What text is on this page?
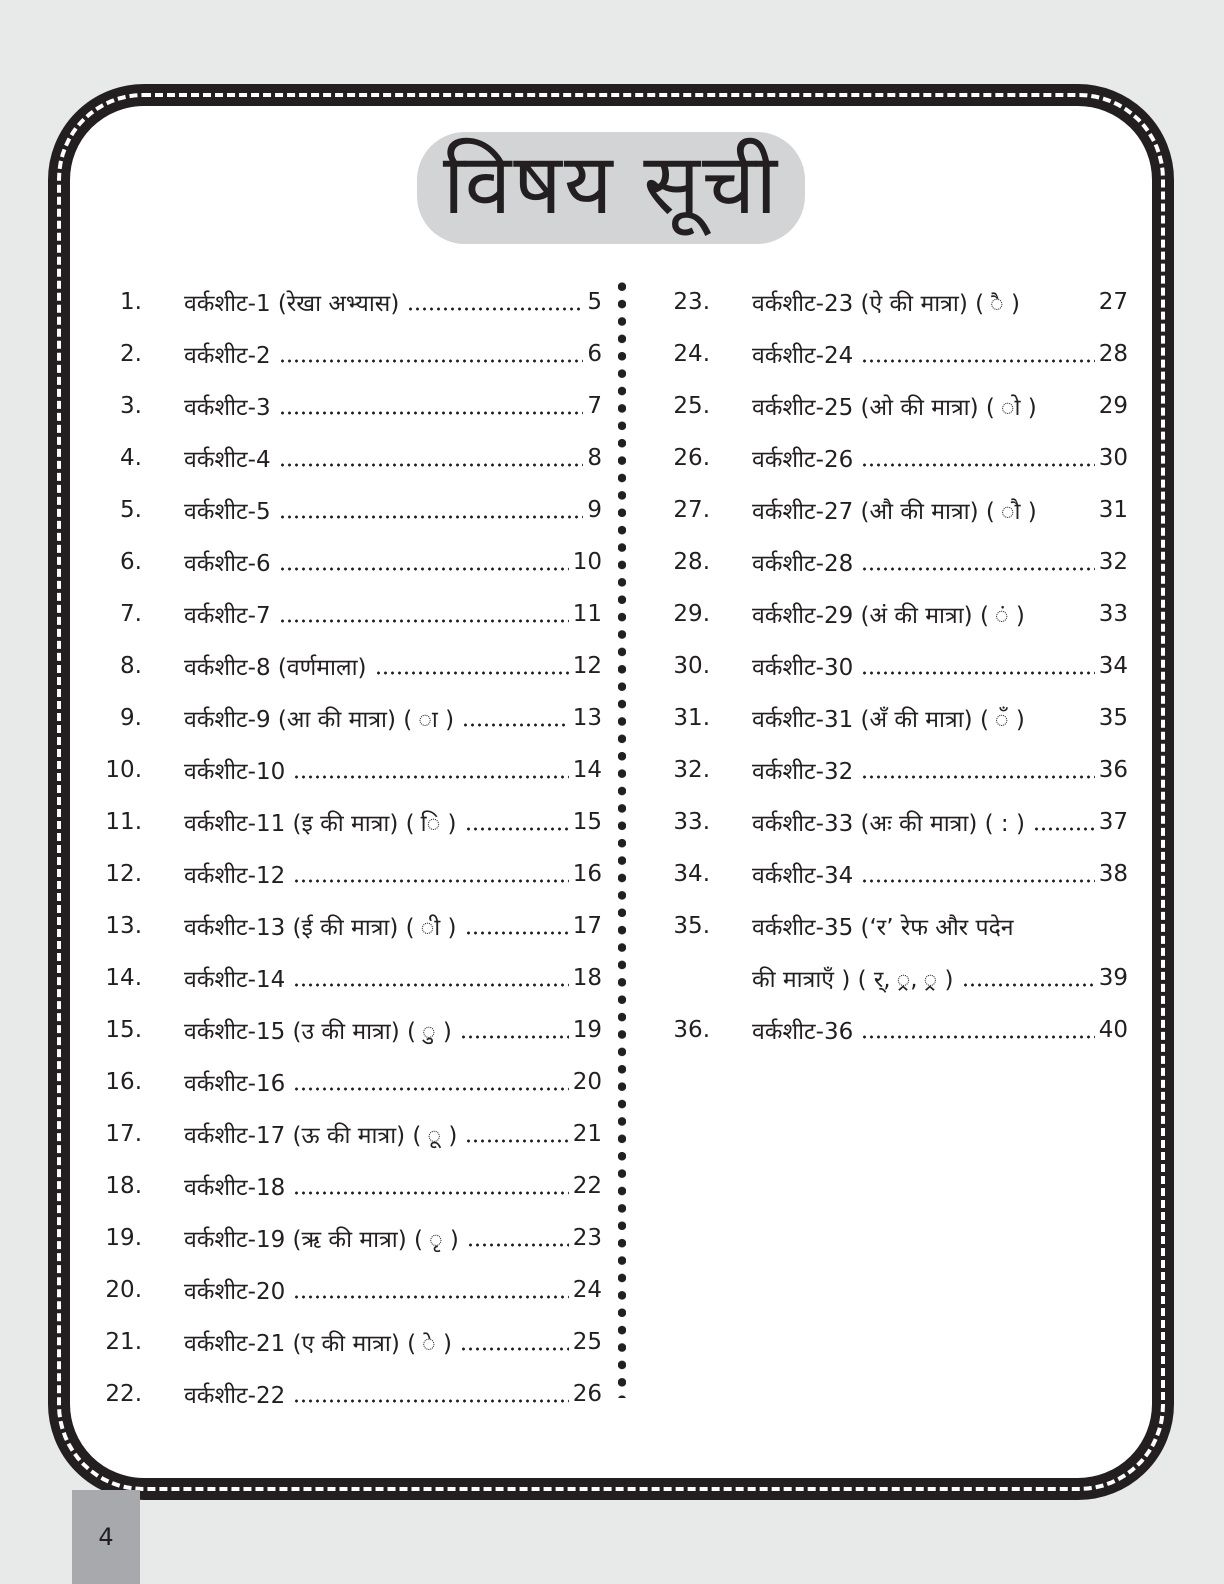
विषय सूची
1. वर्कशीट-1 (रेखा अभ्यास)	5
2. वर्कशीट-2	6
3. वर्कशीट-3	7
4. वर्कशीट-4	8
5. वर्कशीट-5	9
6. वर्कशीट-6	10
7. वर्कशीट-7	11
8. वर्कशीट-8 (वर्णमाला)	12
9. वर्कशीट-9 (आ की मात्रा) ( ा )	13
10. वर्कशीट-10	14
11. वर्कशीट-11 (इ की मात्रा) ( ि )	15
12. वर्कशीट-12	16
13. वर्कशीट-13 (ई की मात्रा) ( ी )	17
14. वर्कशीट-14	18
15. वर्कशीट-15 (उ की मात्रा) ( ु )	19
16. वर्कशीट-16	20
17. वर्कशीट-17 (ऊ की मात्रा) ( ू )	21
18. वर्कशीट-18	22
19. वर्कशीट-19 (ऋ की मात्रा) ( ृ )	23
20. वर्कशीट-20	24
21. वर्कशीट-21 (ए की मात्रा) ( े )	25
22. वर्कशीट-22	26
23. वर्कशीट-23 (ऐ की मात्रा) ( ै )	27
24. वर्कशीट-24	28
25. वर्कशीट-25 (ओ की मात्रा) ( ो )	29
26. वर्कशीट-26	30
27. वर्कशीट-27 (औ की मात्रा) ( ौ )	31
28. वर्कशीट-28	32
29. वर्कशीट-29 (अं की मात्रा) ( ं )	33
30. वर्कशीट-30	34
31. वर्कशीट-31 (अँ की मात्रा) ( ँ )	35
32. वर्कशीट-32	36
33. वर्कशीट-33 (अः की मात्रा) ( : )	37
34. वर्कशीट-34	38
35. वर्कशीट-35 (‘र’ रेफ और पदेन
की मात्राएँ ) ( र्, ्र, ्र )	39
36. वर्कशीट-36	40
4
